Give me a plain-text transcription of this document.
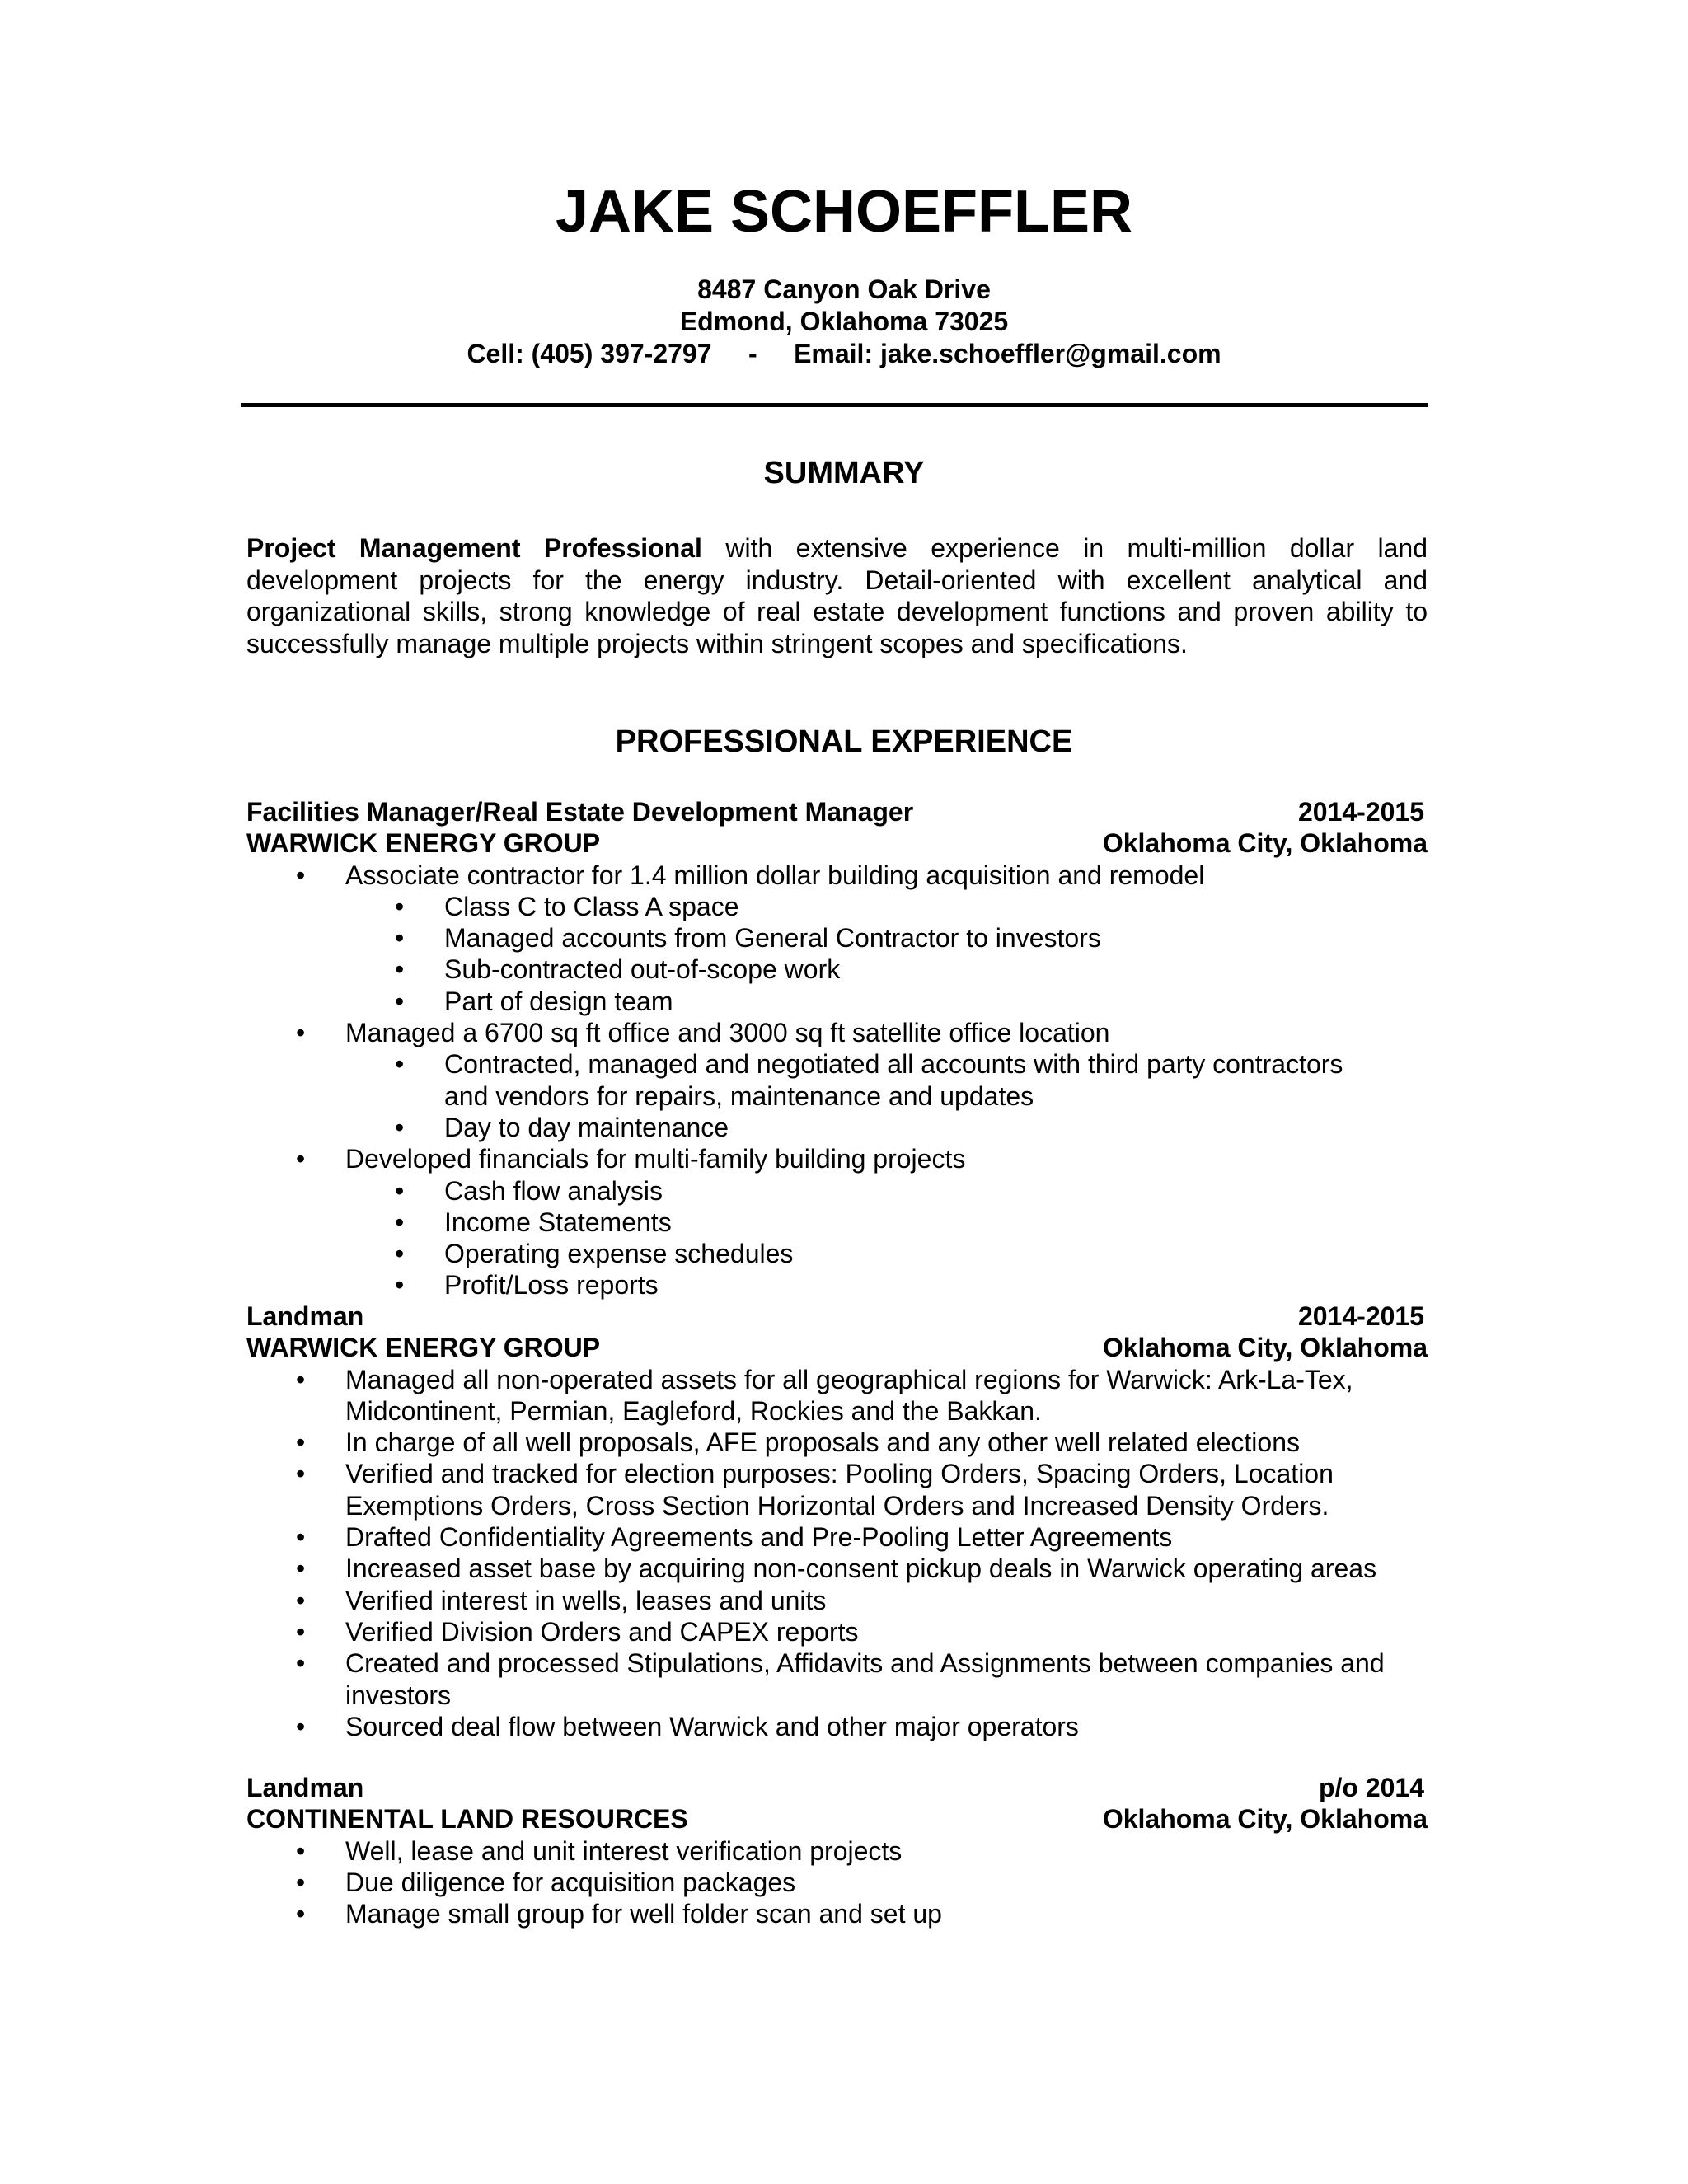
JAKE SCHOEFFLER
8487 Canyon Oak Drive
Edmond, Oklahoma 73025
Cell: (405) 397-2797     -     Email: jake.schoeffler@gmail.com
SUMMARY

Project Management Professional with extensive experience in multi-million dollar land development projects for the energy industry. Detail-oriented with excellent analytical and organizational skills, strong knowledge of real estate development functions and proven ability to successfully manage multiple projects within stringent scopes and specifications.

PROFESSIONAL EXPERIENCE
Facilities Manager/Real Estate Development Manager	2014-2015
WARWICK ENERGY GROUP	Oklahoma City, Oklahoma
• Associate contractor for 1.4 million dollar building acquisition and remodel
• Class C to Class A space
• Managed accounts from General Contractor to investors
• Sub-contracted out-of-scope work
• Part of design team
• Managed a 6700 sq ft office and 3000 sq ft satellite office location
• Contracted, managed and negotiated all accounts with third party contractors and vendors for repairs, maintenance and updates
• Day to day maintenance
• Developed financials for multi-family building projects
• Cash flow analysis
• Income Statements
• Operating expense schedules
• Profit/Loss reports
Landman	2014-2015
WARWICK ENERGY GROUP	Oklahoma City, Oklahoma
• Managed all non-operated assets for all geographical regions for Warwick: Ark-La-Tex, Midcontinent, Permian, Eagleford, Rockies and the Bakkan.
• In charge of all well proposals, AFE proposals and any other well related elections
• Verified and tracked for election purposes: Pooling Orders, Spacing Orders, Location Exemptions Orders, Cross Section Horizontal Orders and Increased Density Orders.
• Drafted Confidentiality Agreements and Pre-Pooling Letter Agreements
• Increased asset base by acquiring non-consent pickup deals in Warwick operating areas
• Verified interest in wells, leases and units
• Verified Division Orders and CAPEX reports
• Created and processed Stipulations, Affidavits and Assignments between companies and investors
• Sourced deal flow between Warwick and other major operators
Landman	p/o 2014
CONTINENTAL LAND RESOURCES	Oklahoma City, Oklahoma
• Well, lease and unit interest verification projects
• Due diligence for acquisition packages
• Manage small group for well folder scan and set up
